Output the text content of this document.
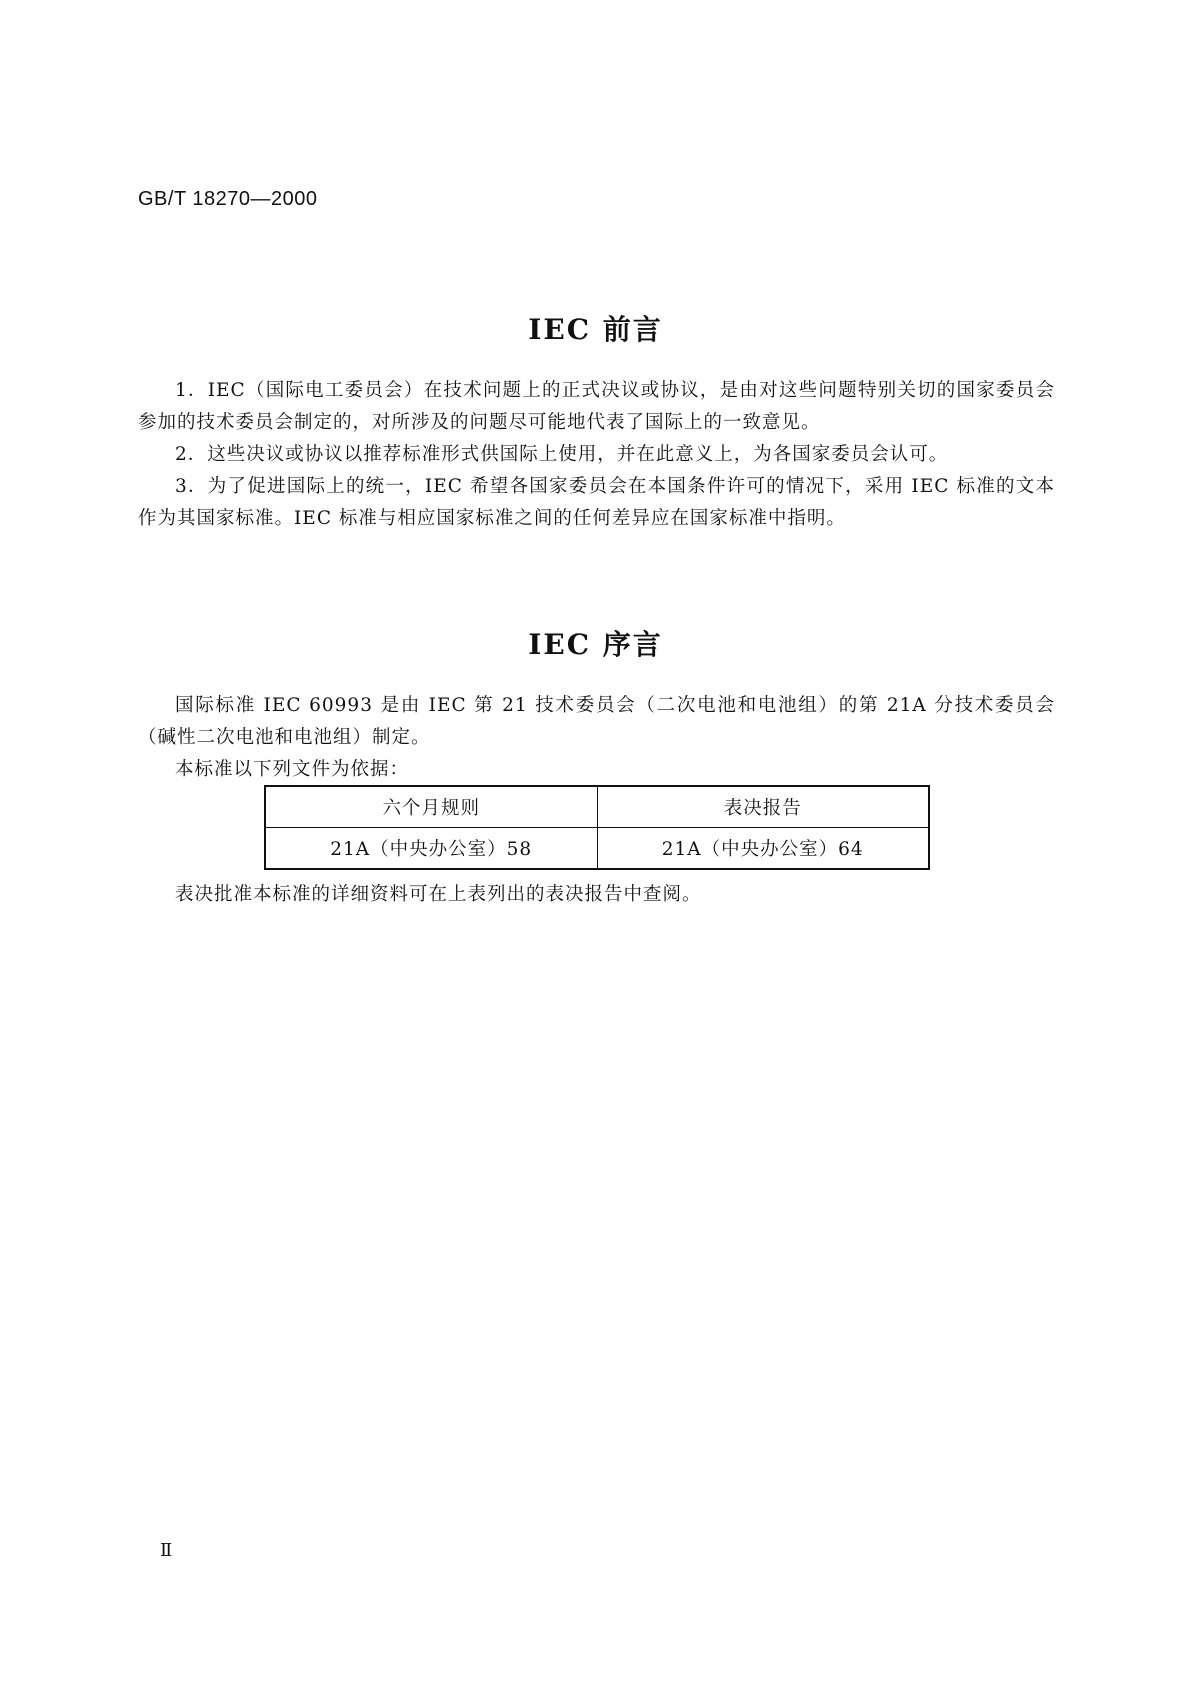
GB/T 18270—2000
IEC 前言

1．IEC（国际电工委员会）在技术问题上的正式决议或协议，是由对这些问题特别关切的国家委员会参加的技术委员会制定的，对所涉及的问题尽可能地代表了国际上的一致意见。

2．这些决议或协议以推荐标准形式供国际上使用，并在此意义上，为各国家委员会认可。

3．为了促进国际上的统一，IEC 希望各国家委员会在本国条件许可的情况下，采用 IEC 标准的文本作为其国家标准。IEC 标准与相应国家标准之间的任何差异应在国家标准中指明。

IEC 序言

国际标准 IEC 60993 是由 IEC 第 21 技术委员会（二次电池和电池组）的第 21A 分技术委员会（碱性二次电池和电池组）制定。

本标准以下列文件为依据：

六个月规则	表决报告
21A（中央办公室）58	21A（中央办公室）64

表决批准本标准的详细资料可在上表列出的表决报告中查阅。

Ⅱ
